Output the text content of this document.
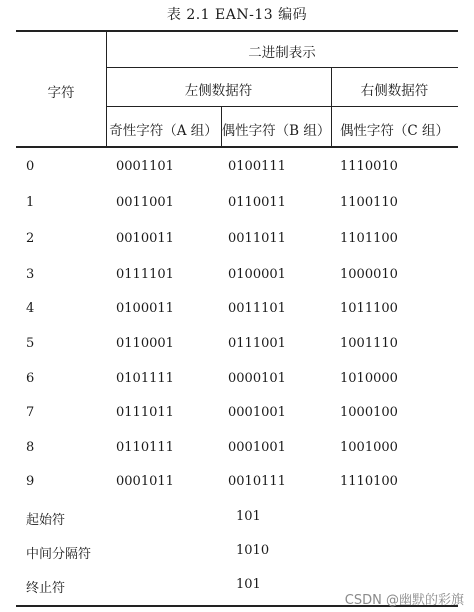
表 2.1 EAN-13 编码
字符
二进制表示
左侧数据符	右侧数据符
奇性字符（A 组） 偶性字符（B 组） 偶性字符（C 组）
0	0001101	0100111	1110010
1	0011001	0110011	1100110
2	0010011	0011011	1101100
3	0111101	0100001	1000010
4	0100011	0011101	1011100
5	0110001	0111001	1001110
6	0101111	0000101	1010000
7	0111011	0001001	1000100
8	0110111	0001001	1001000
9	0001011	0010111	1110100
起始符	101
中间分隔符	1010
终止符	101
CSDN @幽默的彩旗
